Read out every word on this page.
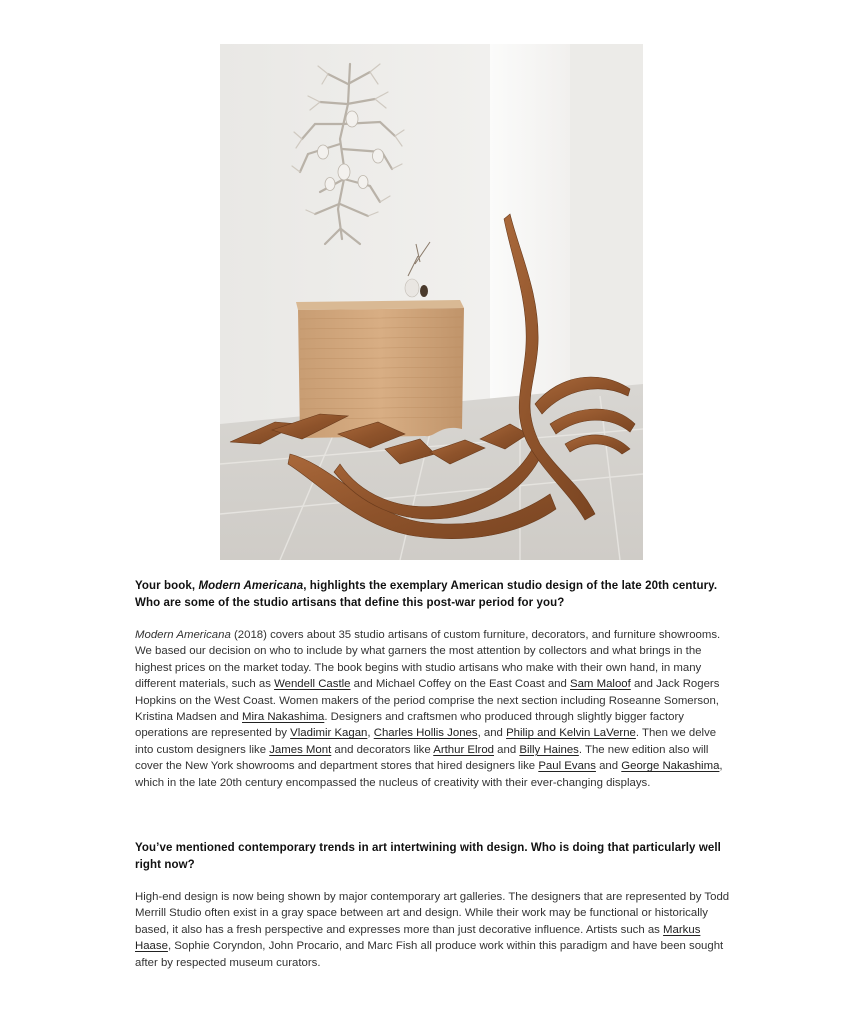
Your book, Modern Americana, highlights the exemplary American studio design of the late 20th century. Who are some of the studio artisans that define this post-war period for you?

Modern Americana (2018) covers about 35 studio artisans of custom furniture, decorators, and furniture showrooms. We based our decision on who to include by what garners the most attention by collectors and what brings in the highest prices on the market today. The book begins with studio artisans who make with their own hand, in many different materials, such as Wendell Castle and Michael Coffey on the East Coast and Sam Maloof and Jack Rogers Hopkins on the West Coast. Women makers of the period comprise the next section including Roseanne Somerson, Kristina Madsen and Mira Nakashima. Designers and craftsmen who produced through slightly bigger factory operations are represented by Vladimir Kagan, Charles Hollis Jones, and Philip and Kelvin LaVerne. Then we delve into custom designers like James Mont and decorators like Arthur Elrod and Billy Haines. The new edition also will cover the New York showrooms and department stores that hired designers like Paul Evans and George Nakashima, which in the late 20th century encompassed the nucleus of creativity with their ever-changing displays.

You’ve mentioned contemporary trends in art intertwining with design. Who is doing that particularly well right now?

High-end design is now being shown by major contemporary art galleries. The designers that are represented by Todd Merrill Studio often exist in a gray space between art and design. While their work may be functional or historically based, it also has a fresh perspective and expresses more than just decorative influence. Artists such as Markus Haase, Sophie Coryndon, John Procario, and Marc Fish all produce work within this paradigm and have been sought after by respected museum curators.
